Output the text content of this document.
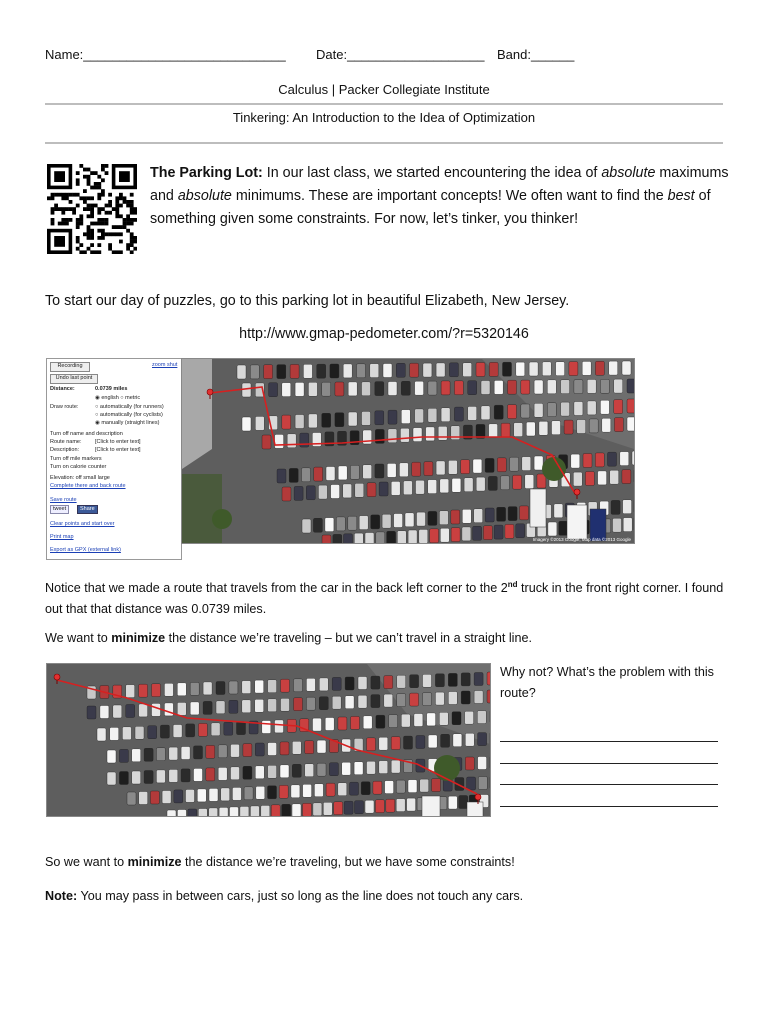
Name:____________________________ Date:___________________ Band:______
Calculus | Packer Collegiate Institute
Tinkering: An Introduction to the Idea of Optimization
The Parking Lot: In our last class, we started encountering the idea of absolute maximums and absolute minimums. These are important concepts! We often want to find the best of something given some constraints. For now, let’s tinker, you thinker!
To start our day of puzzles, go to this parking lot in beautiful Elizabeth, New Jersey.
http://www.gmap-pedometer.com/?r=5320146
Recording	zoom shut
Undo last point
Distance:	0.0739 miles
◉ english ○ metric
Draw route:	○ automatically (for runners)
○ automatically (for cyclists)
◉ manually (straight lines)
Turn off name and description
Route name: [Click to enter text]
Description:	[Click to enter text]
Turn off mile markers
Turn on calorie counter
Elevation: off small large
Complete there and back route
Save route
tweet	Share
Clear points and start over
Print map
Export as GPX (external link)
Imagery ©2013 Google, Map data ©2013 Google
Notice that we made a route that travels from the car in the back left corner to the 2nd truck in the front right corner. I found out that that distance was 0.0739 miles.
We want to minimize the distance we’re traveling – but we can’t travel in a straight line.
Why not? What’s the problem with this route?
So we want to minimize the distance we’re traveling, but we have some constraints!
Note: You may pass in between cars, just so long as the line does not touch any cars.
